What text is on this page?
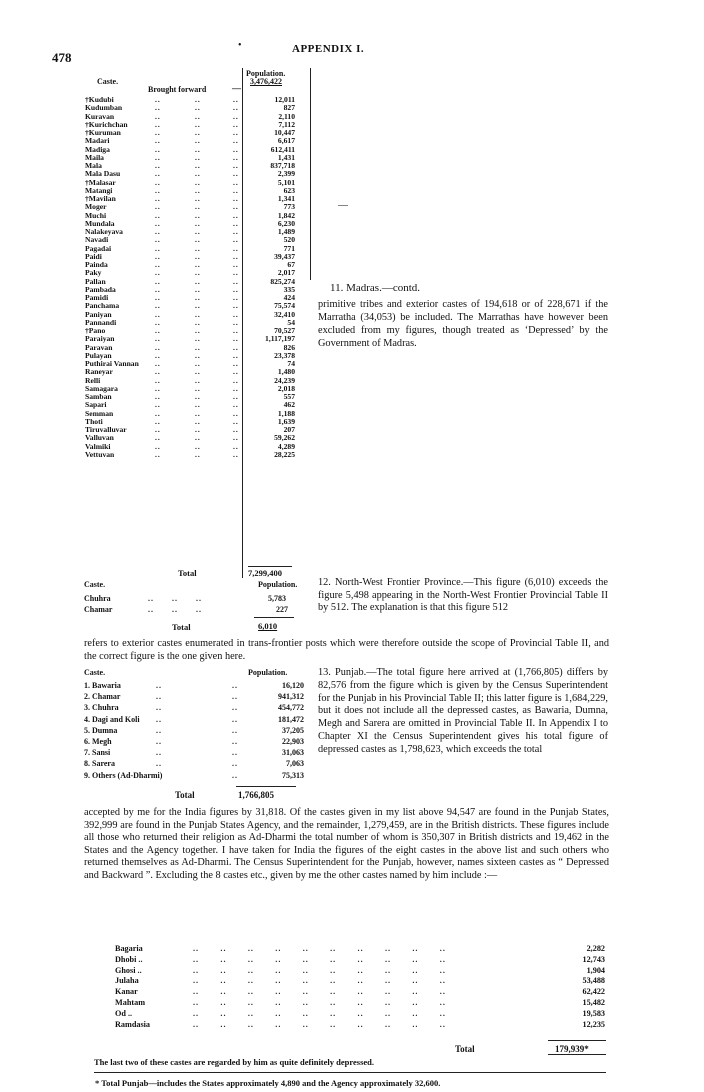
478
•	APPENDIX I.
Caste.
Brought forward	—
Population.
3,476,422
†Kudubi	..	..	..	12,011
Kudumban	..	..	..	827
Kuravan	..	..	..	2,110
†Kurichchan	..	..	..	7,112
†Kuruman	..	..	..	10,447
Madari	..	..	..	6,617
Madiga	..	..	..	612,411
Maila	..	..	..	1,431
Mala	..	..	..	837,718
Mala Dasu	..	..	..	2,399
†Malasar	..	..	..	5,101
Matangi	..	..	..	623
†Mavilan	..	..	..	1,341
Moger	..	..	..	773
Muchi	..	..	..	1,842
Mundala	..	..	..	6,230
Nalakeyava	..	..	..	1,489
Navadi	..	..	..	520
Pagadai	..	..	..	771
Paidi	..	..	..	39,437
Painda	..	..	..	67
Paky	..	..	..	2,017
Pallan	..	..	..	825,274
Pambada	..	..	..	335
Pamidi	..	..	..	424
Panchama	..	..	..	75,574
Paniyan	..	..	..	32,410
Pannandi	..	..	..	54
†Pano	..	..	..	70,527
Paraiyan	..	..	..	1,117,197
Paravan	..	..	..	826
Pulayan	..	..	..	23,378
Puthirai Vannan ..	..	..	74
Raneyar	..	..	..	1,480
Relli	..	..	..	24,239
Samagara	..	..	..	2,018
Samban	..	..	..	557
Sapari	..	..	..	462
Semman	..	..	..	1,188
Thoti	..	..	..	1,639
Tiruvalluvar	..	..	..	207
Valluvan	..	..	..	59,262
Valmiki	..	..	..	4,289
Vettuvan	..	..	..	28,225
Total	7,299,400
—
11. Madras.—contd.
primitive tribes and exterior castes of 194,618 or of 228,671 if the Marratha (34,053) be included. The Marrathas have however been excluded from my figures, though treated as ‘Depressed’ by the Government of Madras.
Caste.	Population.
Chuhra	..      ..      ..	5,783
Chamar	..      ..      ..	227
Total	6,010
12. North-West Frontier Province.—This figure (6,010) exceeds the figure 5,498 appearing in the North-West Frontier Provincial Table II by 512. The explanation is that this figure 512
refers to exterior castes enumerated in trans-frontier posts which were therefore outside the scope of Provincial Table II, and the correct figure is the one given here.
Caste.	Population.
1. Bawaria	..	..	16,120
2. Chamar	..	..	941,312
3. Chuhra	..	..	454,772
4. Dagi and Koli ..	..	181,472
5. Dumna	..	..	37,205
6. Megh	..	..	22,903
7. Sansi	..	..	31,063
8. Sarera	..	..	7,063
9. Others (Ad-Dharmi)	..	75,313
Total	1,766,805
13. Punjab.—The total figure here arrived at (1,766,805) differs by 82,576 from the figure which is given by the Census Superintendent for the Punjab in his Provincial Table II; this latter figure is 1,684,229, but it does not include all the depressed castes, as Bawaria, Dumna, Megh and Sarera are omitted in Provincial Table II. In Appendix I to Chapter XI the Census Superintendent gives his total figure of depressed castes as 1,798,623, which exceeds the total
accepted by me for the India figures by 31,818. Of the castes given in my list above 94,547 are found in the Punjab States, 392,999 are found in the Punjab States Agency, and the remainder, 1,279,459, are in the British districts. These figures include all those who returned their religion as Ad-Dharmi the total number of whom is 350,307 in British districts and 19,462 in the States and the Agency together. I have taken for India the figures of the eight castes in the above list and such others who returned themselves as Ad-Dharmi. The Census Superintendent for the Punjab, however, names sixteen castes as “ Depressed and Backward ”. Excluding the 8 castes etc., given by me the other castes named by him include :—
Bagaria	..       ..       ..       ..       ..       ..       ..       ..       ..       ..	2,282
Dhobi ..	..       ..       ..       ..       ..       ..       ..       ..       ..       ..	12,743
Ghosi ..	..       ..       ..       ..       ..       ..       ..       ..       ..       ..	1,904
Julaha	..       ..       ..       ..       ..       ..       ..       ..       ..       ..	53,488
Kanar	..       ..       ..       ..       ..       ..       ..       ..       ..       ..	62,422
Mahtam	..       ..       ..       ..       ..       ..       ..       ..       ..       ..	15,482
Od ..	..       ..       ..       ..       ..       ..       ..       ..       ..       ..	19,583
Ramdasia	..       ..       ..       ..       ..       ..       ..       ..       ..       ..	12,235
Total	179,939*
The last two of these castes are regarded by him as quite definitely depressed.
* Total Punjab—includes the States approximately 4,890 and the Agency approximately 32,600.
